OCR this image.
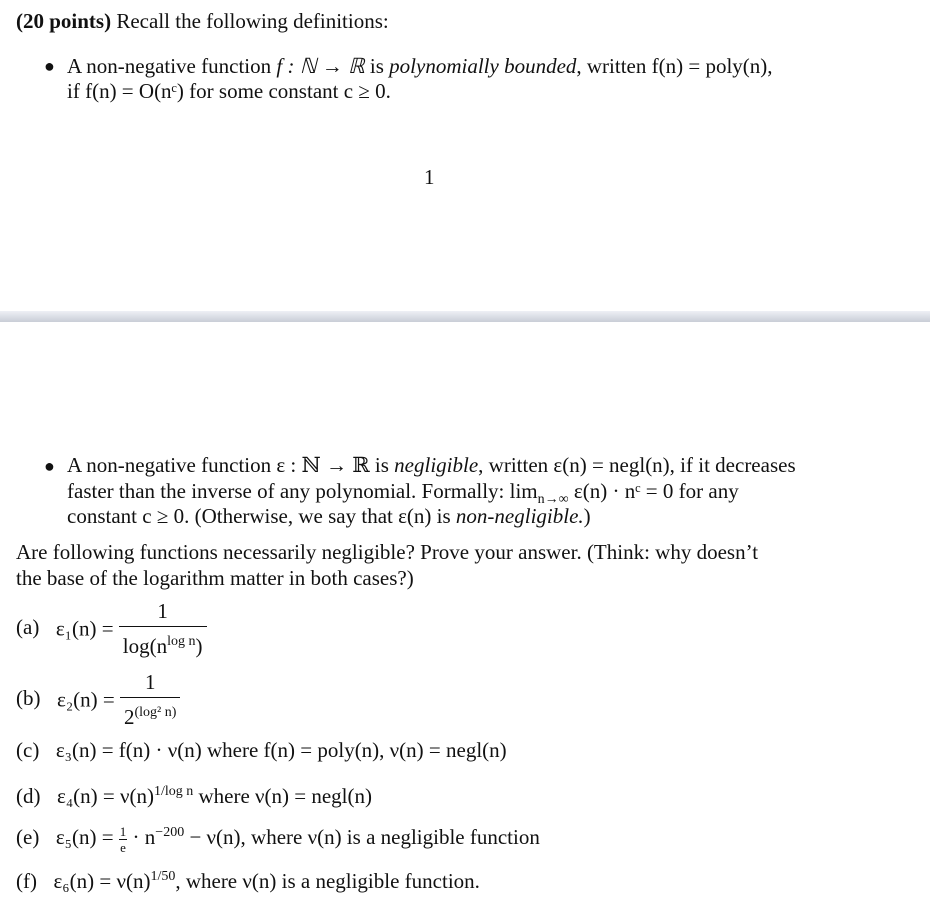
(20 points) Recall the following definitions:
● A non-negative function f : ℕ → ℝ is polynomially bounded, written f(n) = poly(n),
if f(n) = O(nᶜ) for some constant c ≥ 0.
1
● A non-negative function ε : ℕ → ℝ is negligible, written ε(n) = negl(n), if it decreases
faster than the inverse of any polynomial. Formally: $\lim_{n\to\infty} \varepsilon(n)$ · nᶜ = 0 for any
constant c ≥ 0. (Otherwise, we say that ε(n) is non-negligible.)
Are following functions necessarily negligible? Prove your answer. (Think: why doesn’t
the base of the logarithm matter in both cases?)
(a) $\varepsilon_1(n) = \frac{1}{\log(n^{log n})}$
(b) $\varepsilon_2(n) = \frac{1}{2^{(log^2 n)}}$
(c) ε₃(n) = f(n) · ν(n) where f(n) = poly(n), ν(n) = negl(n)
(d) $\varepsilon_4(n) = \nu(n)^{1/log n}$ where ν(n) = negl(n)
(e) $\varepsilon_5(n) = \frac{1}{e} \cdot n^{-200} - \nu(n)$, where ν(n) is a negligible function
(f) $\varepsilon_6(n) = \nu(n)^{1/50}$, where ν(n) is a negligible function.
